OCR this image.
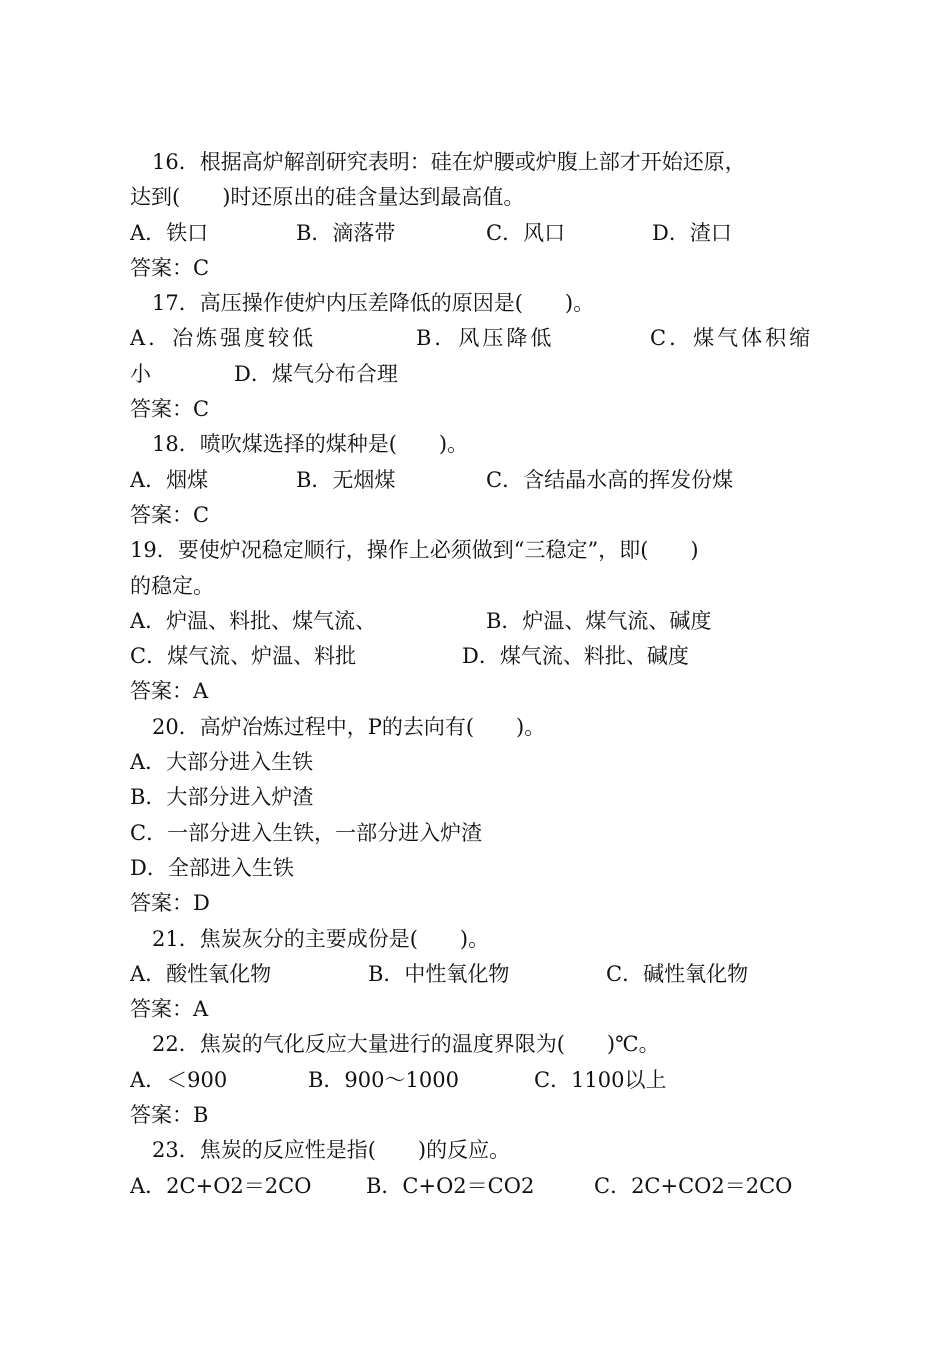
16．根据高炉解剖研究表明：硅在炉腰或炉腹上部才开始还原，
达到(　　)时还原出的硅含量达到最高值。
A．铁口	B．滴落带	C．风口	D．渣口
答案：C
17．高压操作使炉内压差降低的原因是(　　)。
A．冶炼强度较低	B．风压降低	C．煤气体积缩
小	D．煤气分布合理
答案：C
18．喷吹煤选择的煤种是(　　)。
A．烟煤	B．无烟煤	C．含结晶水高的挥发份煤
答案：C
19．要使炉况稳定顺行，操作上必须做到“三稳定”，即(　　)
的稳定。
A．炉温、料批、煤气流、	B．炉温、煤气流、碱度
C．煤气流、炉温、料批	D．煤气流、料批、碱度
答案：A
20．高炉冶炼过程中，P的去向有(　　)。
A．大部分进入生铁
B．大部分进入炉渣
C．一部分进入生铁，一部分进入炉渣
D．全部进入生铁
答案：D
21．焦炭灰分的主要成份是(　　)。
A．酸性氧化物	B．中性氧化物	C．碱性氧化物
答案：A
22．焦炭的气化反应大量进行的温度界限为(　　)℃。
A．＜900	B．900～1000	C．1100以上
答案：B
23．焦炭的反应性是指(　　)的反应。
A．2C+O2＝2CO	B．C+O2＝CO2	C．2C+CO2＝2CO
